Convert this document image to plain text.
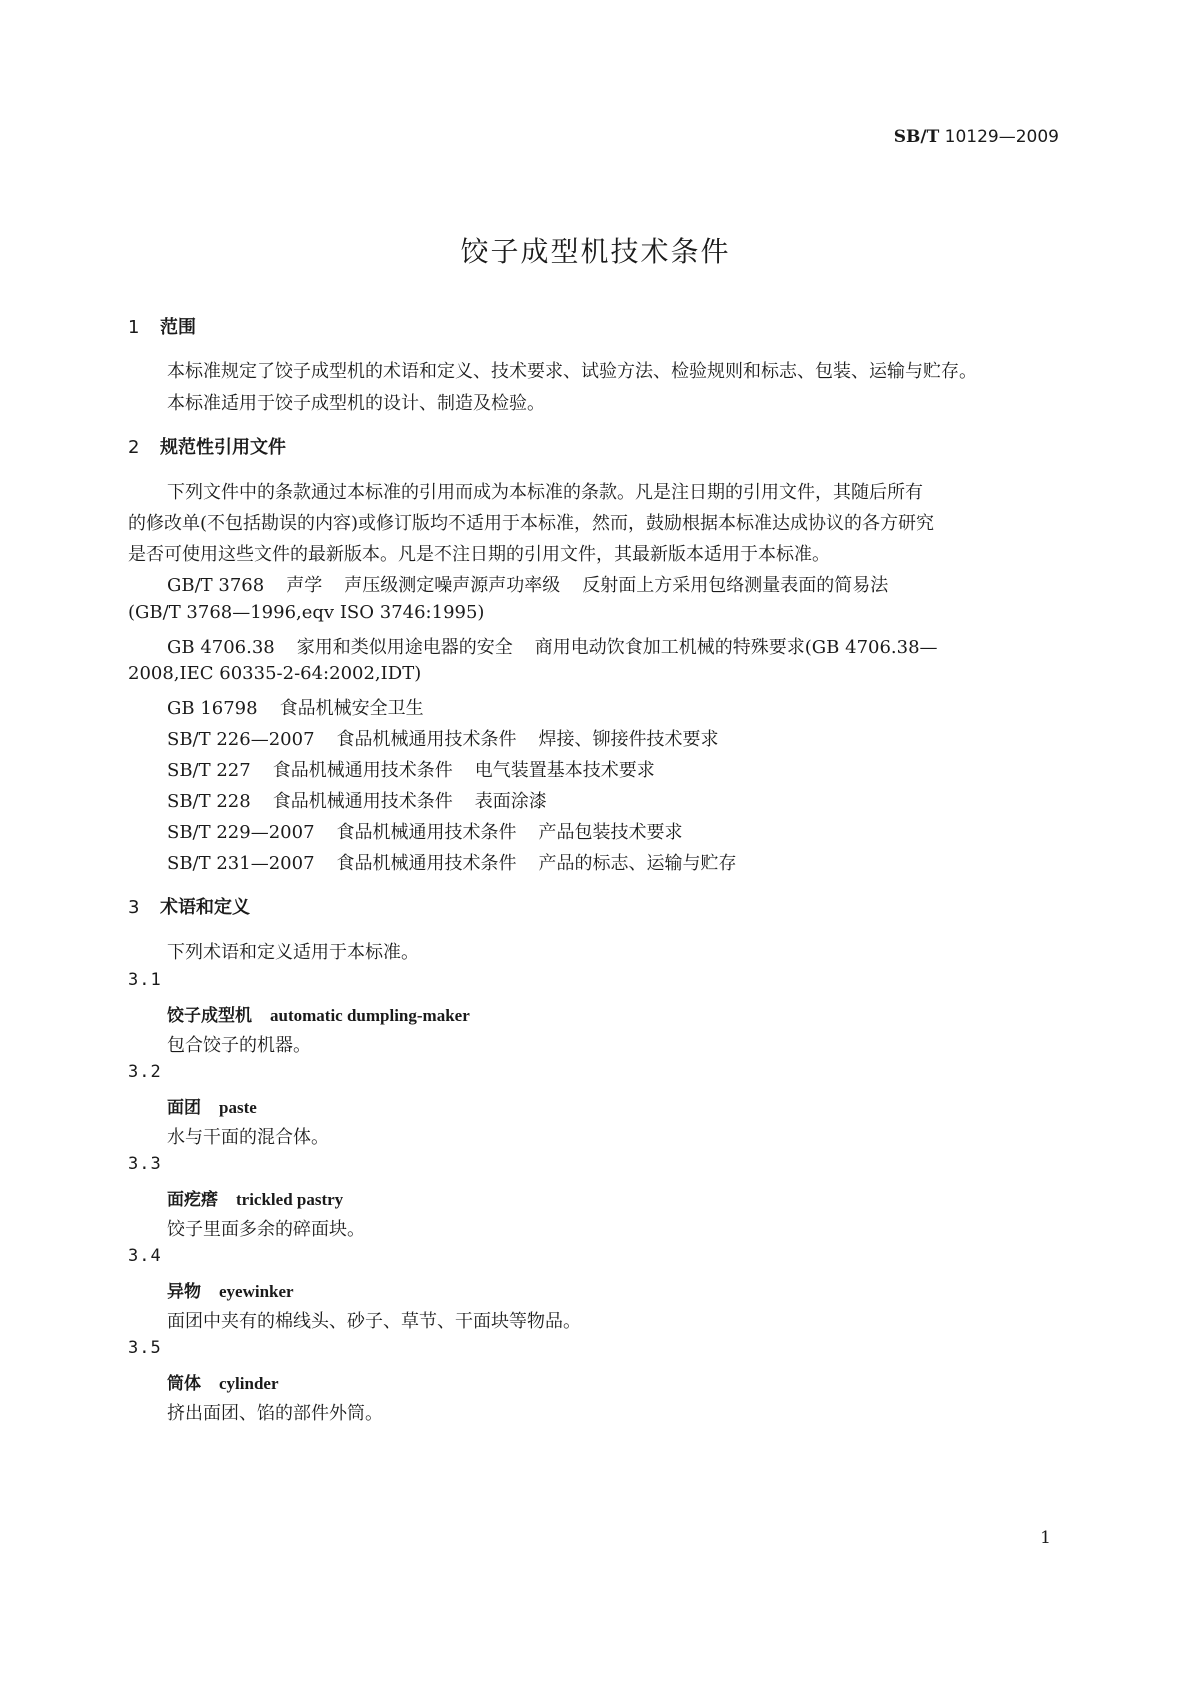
SB/T 10129—2009
饺子成型机技术条件
1 范围
本标准规定了饺子成型机的术语和定义、技术要求、试验方法、检验规则和标志、包装、运输与贮存。
本标准适用于饺子成型机的设计、制造及检验。
2 规范性引用文件
下列文件中的条款通过本标准的引用而成为本标准的条款。凡是注日期的引用文件，其随后所有
的修改单(不包括勘误的内容)或修订版均不适用于本标准，然而，鼓励根据本标准达成协议的各方研究
是否可使用这些文件的最新版本。凡是不注日期的引用文件，其最新版本适用于本标准。
GB/T 3768 声学 声压级测定噪声源声功率级 反射面上方采用包络测量表面的简易法
(GB/T 3768—1996,eqv ISO 3746:1995)
GB 4706.38 家用和类似用途电器的安全 商用电动饮食加工机械的特殊要求(GB 4706.38—
2008,IEC 60335-2-64:2002,IDT)
GB 16798 食品机械安全卫生
SB/T 226—2007 食品机械通用技术条件 焊接、铆接件技术要求
SB/T 227 食品机械通用技术条件 电气装置基本技术要求
SB/T 228 食品机械通用技术条件 表面涂漆
SB/T 229—2007 食品机械通用技术条件 产品包装技术要求
SB/T 231—2007 食品机械通用技术条件 产品的标志、运输与贮存
3 术语和定义
下列术语和定义适用于本标准。
3.1
饺子成型机 automatic dumpling-maker
包合饺子的机器。
3.2
面团 paste
水与干面的混合体。
3.3
面疙瘩 trickled pastry
饺子里面多余的碎面块。
3.4
异物 eyewinker
面团中夹有的棉线头、砂子、草节、干面块等物品。
3.5
筒体 cylinder
挤出面团、馅的部件外筒。
1
